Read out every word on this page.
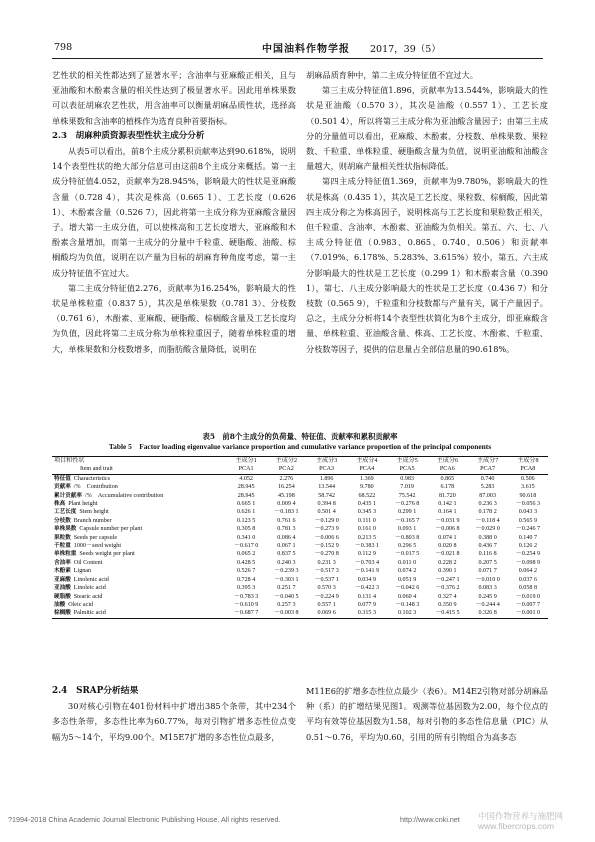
798	中国油料作物学报 2017，39（5）

艺性状的相关性都达到了显著水平；含油率与亚麻酸正相关，且与亚油酸和木酚素含量的相关性达到了极显著水平。因此用单株果数可以表征胡麻农艺性状，用含油率可以衡量胡麻品质性状，选择高单株果数和含油率的植株作为选育良种首要指标。

2.3　胡麻种质资源表型性状主成分分析

从表5可以看出，前8个主成分累积贡献率达到90.618%，说明14个表型性状的绝大部分信息可由这前8个主成分来概括。第一主成分特征值4.052，贡献率为28.945%，影响最大的性状是亚麻酸含量（0.728 4），其次是株高（0.665 1）、工艺长度（0.626 1）、木酚素含量（0.526 7），因此将第一主成分称为亚麻酸含量因子。增大第一主成分值，可以使株高和工艺长度增大，亚麻酸和木酚素含量增加，而第一主成分的分量中千粒重、硬脂酸、油酸、棕榈酸均为负值，说明在以产量为目标的胡麻育种角度考虑，第一主成分特征值不宜过大。

第二主成分特征值2.276，贡献率为16.254%，影响最大的性状是单株粒重（0.837 5），其次是单株果数（0.781 3）、分枝数（0.761 6），木酚素、亚麻酸、硬脂酸、棕榈酸含量及工艺长度均为负值，因此将第二主成分称为单株粒重因子，随着单株粒重的增大，单株果数和分枝数增多，而脂肪酸含量降低，说明在

胡麻品质育种中，第二主成分特征值不宜过大。

第三主成分特征值1.896，贡献率为13.544%，影响最大的性状是亚油酸（0.570 3），其次是油酸（0.557 1）、工艺长度（0.501 4），所以将第三主成分称为亚油酸含量因子；由第三主成分的分量值可以看出，亚麻酸、木酚素、分枝数、单株果数、果粒数、千粒重、单株粒重、硬脂酸含量为负值，说明亚油酸和油酸含量越大，则胡麻产量相关性状指标降低。

第四主成分特征值1.369，贡献率为9.780%，影响最大的性状是株高（0.435 1），其次是工艺长度、果粒数、棕榈酸，因此第四主成分称之为株高因子，说明株高与工艺长度和果粒数正相关，但千粒重、含油率、木酚素、亚油酸为负相关。第五、六、七、八主成分特征值（0.983、0.865、0.740、0.506）和贡献率（7.019%、6.178%、5.283%、3.615%）较小，第五、六主成分影响最大的性状是工艺长度（0.299 1）和木酚素含量（0.390 1），第七、八主成分影响最大的性状是工艺长度（0.436 7）和分枝数（0.565 9），千粒重和分枝数都与产量有关，属于产量因子。总之，主成分分析将14个表型性状简化为8个主成分，即亚麻酸含量、单株粒重、亚油酸含量、株高、工艺长度、木酚素、千粒重、分枝数等因子，提供的信息量占全部信息量的90.618%。

表5　前8个主成分的负荷量、特征值、贡献率和累积贡献率
Table 5　Factor loading eigenvalue variance proportion and cumulative variance proportion of the principal components
项目和性状	主成分1	主成分2	主成分3	主成分4	主成分5	主成分6	主成分7	主成分8
Item and trait	PCA1	PCA2	PCA3	PCA4	PCA5	PCA6	PCA7	PCA8
特征值 Characteristics	4.052	2.276	1.896	1.369	0.983	0.865	0.740	0.506
贡献率 /%　Contribution	28.945	16.254	13.544	9.780	7.019	6.178	5.283	3.615
累计贡献率 /%　Accumulative contribution	28.945	45.198	58.742	68.522	75.542	81.720	87.003	90.618
株高 Plant height	0.665 1	0.009 4	0.394 8	0.435 1	－0.276 8	0.142 1	0.236 3	－0.056 3
工艺长度 Stem height	0.626 1	－0.183 1	0.501 4	0.345 3	0.299 1	0.164 1	0.178 2	0.043 3
分枝数 Branch number	0.123 5	0.761 6	－0.129 0	0.111 0	－0.165 7	－0.031 9	－0.118 4	0.565 9
单株果数 Capsule number per plant	0.305 8	0.781 3	－0.273 9	0.161 0	0.093 1	－0.006 8	－0.029 0	－0.246 7
果粒数 Seeds per capsule	0.341 0	0.086 4	－0.006 6	0.213 5	－0.803 8	0.074 1	0.388 0	0.140 7
千粒重 1000－seed weight	－0.617 0	0.067 1	－0.152 9	－0.383 1	0.296 5	0.020 8	0.436 7	0.126 2
单株粒重 Seeds weight per plant	0.065 2	0.837 5	－0.270 8	0.112 9	－0.017 5	－0.021 8	0.116 8	－0.254 9
含油率 Oil Content	0.428 5	0.240 3	0.231 3	－0.703 4	0.011 0	0.228 2	0.207 5	－0.098 9
木酚素 Lignan	0.526 7	－0.239 3	－0.517 3	－0.141 9	0.074 2	0.390 1	0.071 7	0.064 2
亚麻酸 Linolenic acid	0.728 4	－0.303 1	－0.537 1	0.034 9	0.051 9	－0.247 1	－0.010 0	0.037 6
亚油酸 Linoleic acid	0.395 3	0.251 7	0.570 3	－0.422 3	－0.042 6	－0.376 2	0.083 3	0.058 8
硬脂酸 Stearic acid	－0.783 3	－0.040 5	－0.224 9	0.131 4	0.060 4	0.327 4	0.245 9	－0.019 0
油酸 Oleic acid	－0.610 9	0.257 3	0.557 1	0.077 9	－0.148 3	0.350 9	－0.244 4	－0.007 7
棕榈酸 Palmitic acid	－0.687 7	－0.003 8	0.069 6	0.315 3	0.102 3	－0.415 5	0.326 8	－0.001 0
2.4　SRAP分析结果

30对核心引物在401份材料中扩增出385个条带，其中234个多态性条带，多态性比率为60.77%，每对引物扩增多态性位点变幅为5～14个，平均9.00个。M15E7扩增的多态性位点最多，

M11E6的扩增多态性位点最少（表6）。M14E2引物对部分胡麻品种（系）的扩增结果见图1。观测等位基因数为2.00，每个位点的平均有效等位基因数为1.58，每对引物的多态性信息量（PIC）从0.51～0.76，平均为0.60，引用的所有引物组合为高多态

?1994-2018 China Academic Journal Electronic Publishing House. All rights reserved.	http://www.cnki.net 中国作物营养与施肥网
www.fibercrops.com
